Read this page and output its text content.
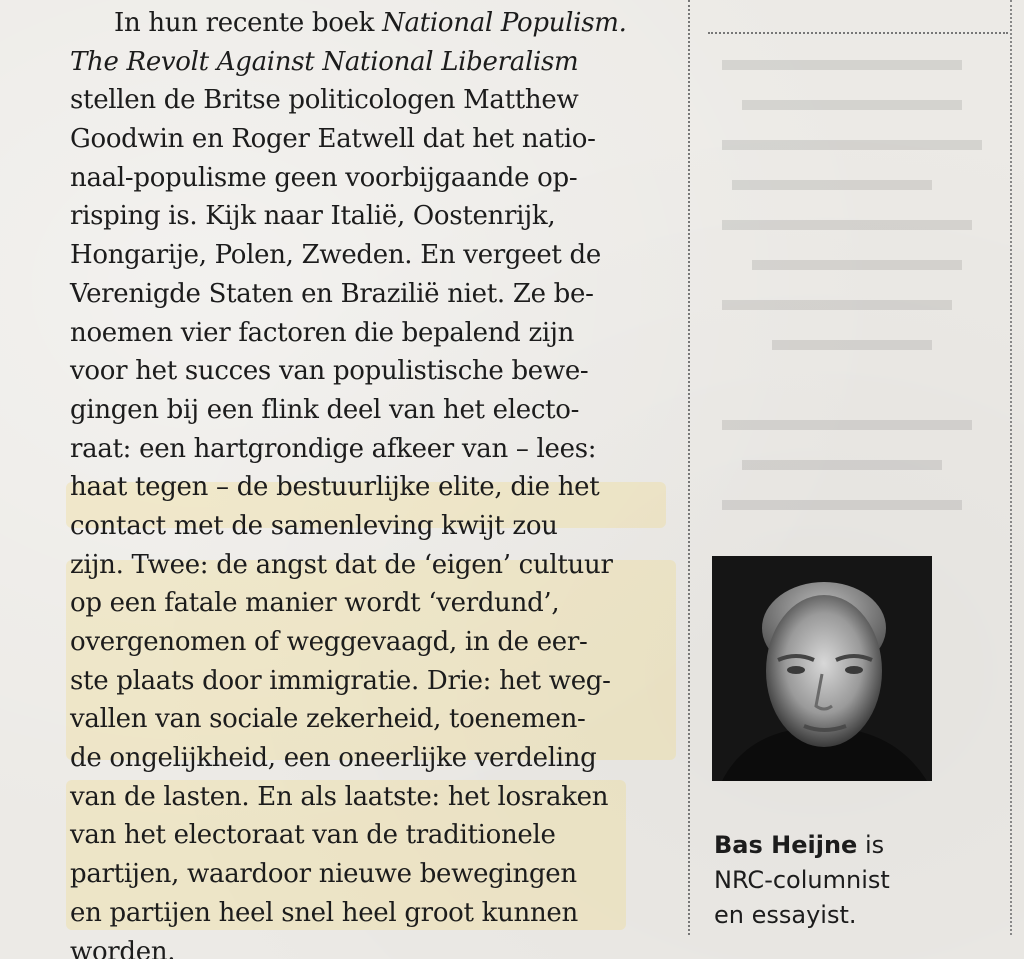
In hun recente boek National Populism.
The Revolt Against National Liberalism
stellen de Britse politicologen Matthew
Goodwin en Roger Eatwell dat het natio-
naal-populisme geen voorbijgaande op-
risping is. Kijk naar Italië, Oostenrijk,
Hongarije, Polen, Zweden. En vergeet de
Verenigde Staten en Brazilië niet. Ze be-
noemen vier factoren die bepalend zijn
voor het succes van populistische bewe-
gingen bij een flink deel van het electo-
raat: een hartgrondige afkeer van – lees:
haat tegen – de bestuurlijke elite, die het
contact met de samenleving kwijt zou
zijn. Twee: de angst dat de ‘eigen’ cultuur
op een fatale manier wordt ‘verdund’,
overgenomen of weggevaagd, in de eer-
ste plaats door immigratie. Drie: het weg-
vallen van sociale zekerheid, toenemen-
de ongelijkheid, een oneerlijke verdeling
van de lasten. En als laatste: het losraken
van het electoraat van de traditionele
partijen, waardoor nieuwe bewegingen
en partijen heel snel heel groot kunnen
worden.
Bas Heijne is
NRC-columnist
en essayist.
